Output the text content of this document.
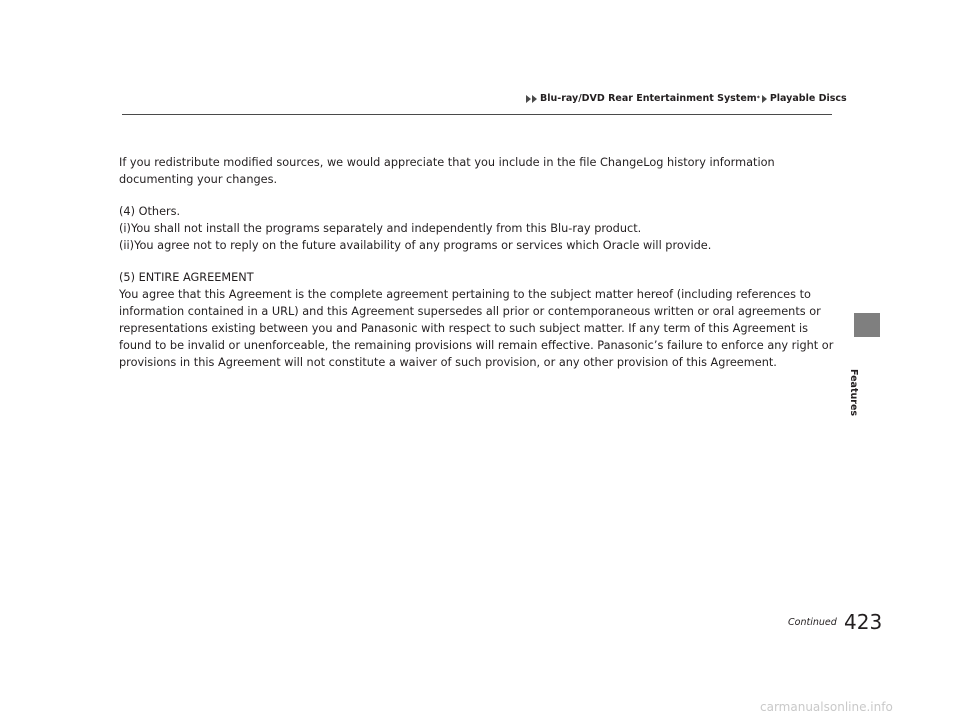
Blu-ray/DVD Rear Entertainment System * Playable Discs
Features

If you redistribute modified sources, we would appreciate that you include in the file ChangeLog history information documenting your changes.

(4) Others.
(i)You shall not install the programs separately and independently from this Blu-ray product.
(ii)You agree not to reply on the future availability of any programs or services which Oracle will provide.

(5) ENTIRE AGREEMENT
You agree that this Agreement is the complete agreement pertaining to the subject matter hereof (including references to information contained in a URL) and this Agreement supersedes all prior or contemporaneous written or oral agreements or representations existing between you and Panasonic with respect to such subject matter. If any term of this Agreement is found to be invalid or unenforceable, the remaining provisions will remain effective. Panasonic’s failure to enforce any right or provisions in this Agreement will not constitute a waiver of such provision, or any other provision of this Agreement.

Continued 423
carmanualsonline.info
